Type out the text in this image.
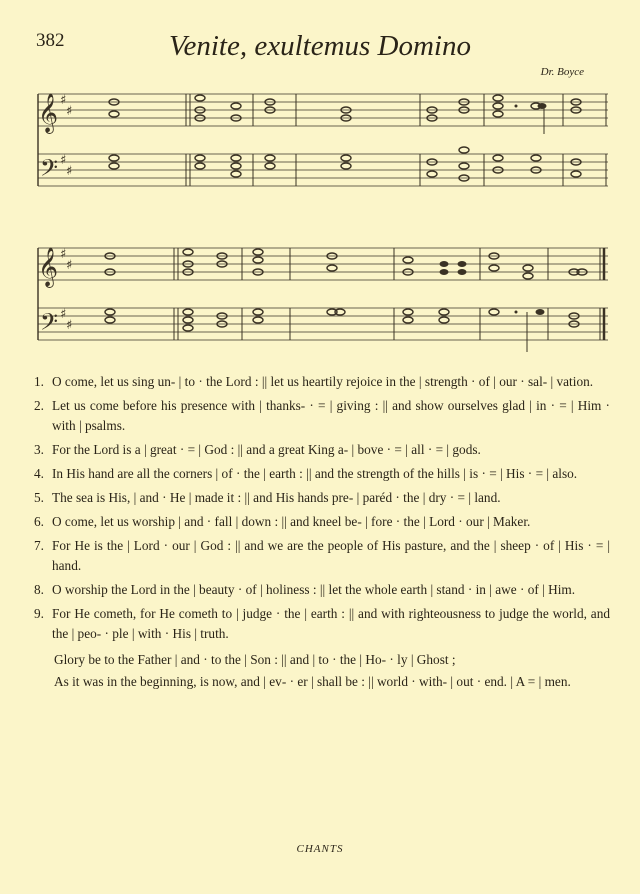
382	Venite, exultemus Domino
Dr. Boyce
𝄞
𝄢
𝄞
𝄢
♯
♯
♯
♯
♯
♯
♯
♯
1. O come, let us sing un- | to · the Lord : || let us heartily rejoice in the | strength · of | our · sal- | vation.
2. Let us come before his presence with | thanks- · = | giving : || and show ourselves glad | in · = | Him · with | psalms.
3. For the Lord is a | great · = | God : || and a great King a- | bove · = | all · = | gods.
4. In His hand are all the corners | of · the | earth : || and the strength of the hills | is · = | His · = | also.
5. The sea is His, | and · He | made it : || and His hands pre- | paréd · the | dry · = | land.
6. O come, let us worship | and · fall | down : || and kneel be- | fore · the | Lord · our | Maker.
7. For He is the | Lord · our | God : || and we are the people of His pasture, and the | sheep · of | His · = | hand.
8. O worship the Lord in the | beauty · of | holiness : || let the whole earth | stand · in | awe · of | Him.
9. For He cometh, for He cometh to | judge · the | earth : || and with righteousness to judge the world, and the | peo- · ple | with · His | truth.
Glory be to the Father | and · to the | Son : || and | to · the | Ho- · ly | Ghost ;
As it was in the beginning, is now, and | ev- · er | shall be : || world · with- | out · end. | A = | men.
CHANTS
